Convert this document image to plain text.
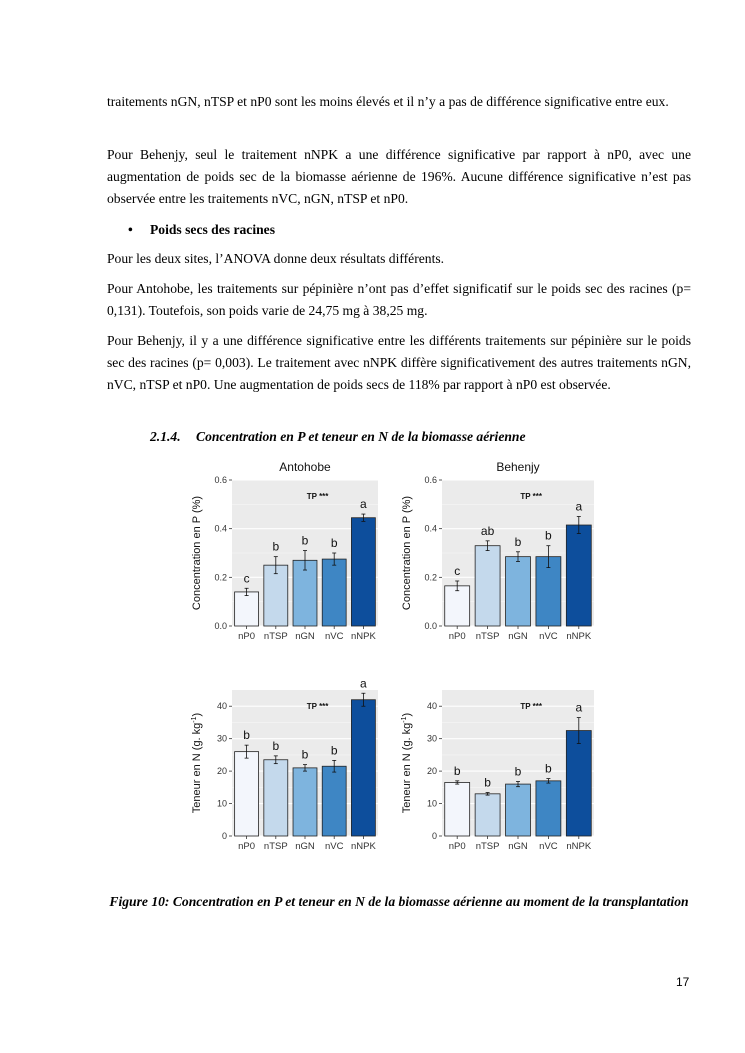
traitements nGN, nTSP et nP0 sont les moins élevés et il n’y a pas de différence significative entre eux.

Pour Behenjy, seul le traitement nNPK a une différence significative par rapport à nP0, avec une augmentation de poids sec de la biomasse aérienne de 196%. Aucune différence significative n’est pas observée entre les traitements nVC, nGN, nTSP et nP0.

• Poids secs des racines

Pour les deux sites, l’ANOVA donne deux résultats différents.

Pour Antohobe, les traitements sur pépinière n’ont pas d’effet significatif sur le poids sec des racines (p= 0,131). Toutefois, son poids varie de 24,75 mg à 38,25 mg.

Pour Behenjy, il y a une différence significative entre les différents traitements sur pépinière sur le poids sec des racines (p= 0,003). Le traitement avec nNPK diffère significativement des autres traitements nGN, nVC, nTSP et nP0. Une augmentation de poids secs de 118% par rapport à nP0 est observée.

2.1.4. Concentration en P et teneur en N de la biomasse aérienne
0.0
0.2
0.4
0.6
nP0
c
nTSP
b
nGN
b
nVC
b
nNPK
a
TP ***
Antohobe
Concentration en P (%)
0.0
0.2
0.4
0.6
nP0
c
nTSP
ab
nGN
b
nVC
b
nNPK
a
TP ***
Behenjy
Concentration en P (%)
0
10
20
30
40
nP0
b
nTSP
b
nGN
b
nVC
b
nNPK
a
TP ***
Teneur en N (g. $kg^{-1}$)
0
10
20
30
40
nP0
b
nTSP
b
nGN
b
nVC
b
nNPK
a
TP ***
Teneur en N (g. $kg^{-1}$)
Figure 10: Concentration en P et teneur en N de la biomasse aérienne au moment de la transplantation
17
